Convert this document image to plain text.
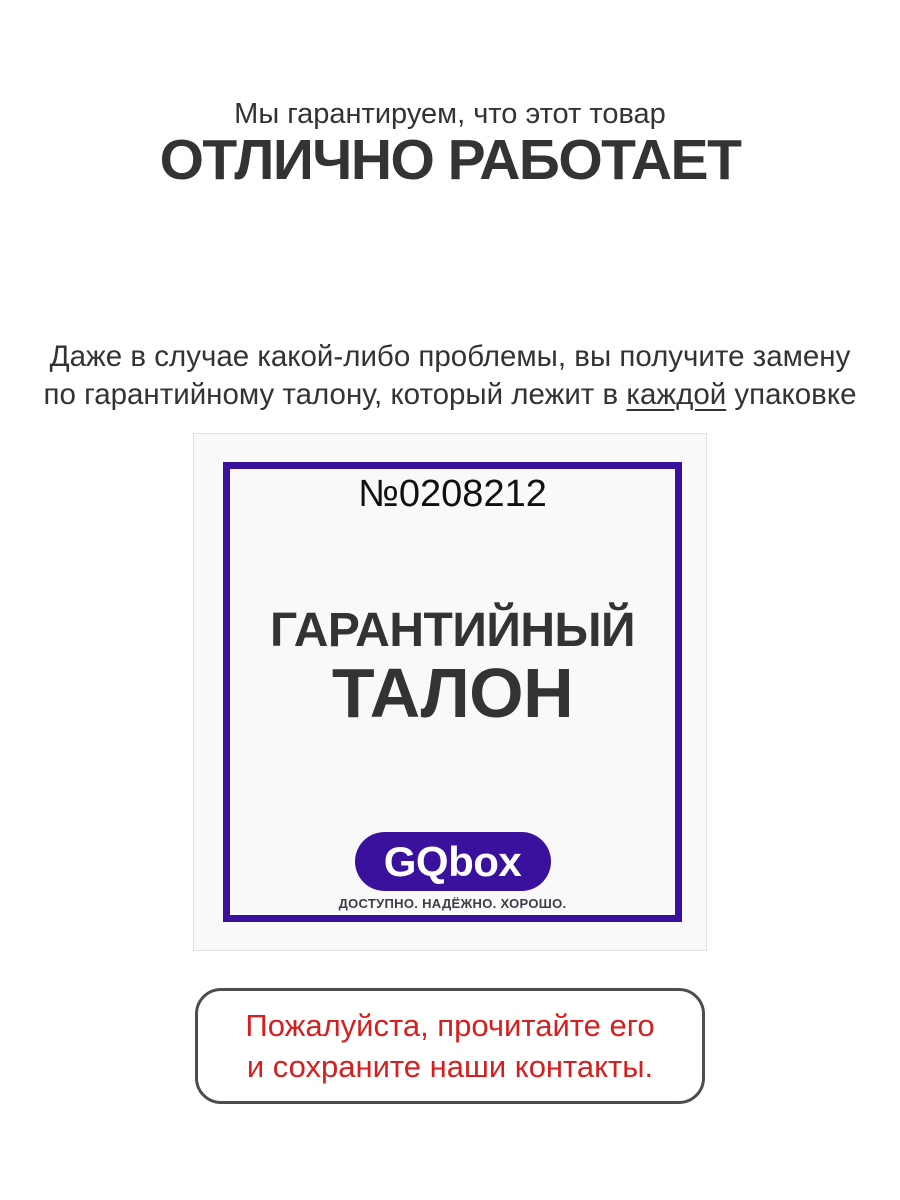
Мы гарантируем, что этот товар
ОТЛИЧНО РАБОТАЕТ
Даже в случае какой-либо проблемы, вы получите замену
по гарантийному талону, который лежит в каждой упаковке
№0208212
ГАРАНТИЙНЫЙ
ТАЛОН
GQbox
ДОСТУПНО. НАДЁЖНО. ХОРОШО.
Пожалуйста, прочитайте его
и сохраните наши контакты.
